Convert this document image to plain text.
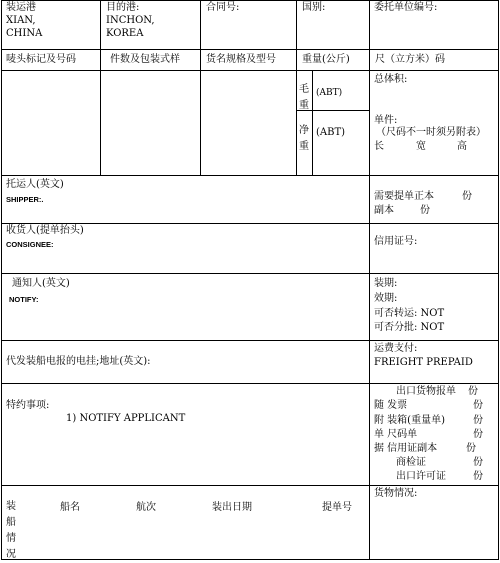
装运港
XIAN,
CHINA
目的港:
INCHON,
KOREA
合同号:	国别:	委托单位编号:
唛头标记及号码	件数及包装式样	货名规格及型号	重量(公斤)	尺（立方米）码
毛重
(ABT)
净重
(ABT)
总体积:
单件:
（尺码不一时须另附表）
长	宽	高
托运人(英文)
SHIPPER:.	需要提单正本	份
副本	份
收货人(提单抬头)
CONSIGNEE:	信用证号:
通知人(英文)
NOTIFY:
装期:
效期:
可否转运: NOT
可否分批: NOT
代发装船电报的电挂;地址(英文):
运费支付:
FREIGHT PREPAID
特约事项:
1) NOTIFY APPLICANT
出口货物报单 份
随 发票	份
附 装箱(重量单)	份
单 尺码单	份
据 信用证副本	份
商检证	份
出口许可证	份
装船情况
船名	航次	装出日期	提单号
货物情况:
